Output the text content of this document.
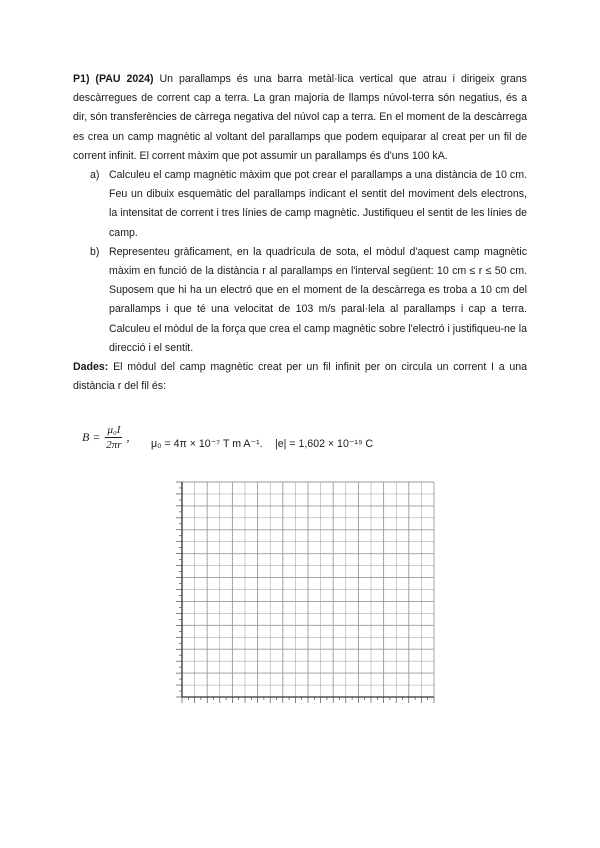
P1) (PAU 2024) Un parallamps és una barra metàl·lica vertical que atrau i dirigeix grans descàrregues de corrent cap a terra. La gran majoria de llamps núvol-terra són negatius, és a dir, són transferències de càrrega negativa del núvol cap a terra. En el moment de la descàrrega es crea un camp magnètic al voltant del parallamps que podem equiparar al creat per un fil de corrent infinit. El corrent màxim que pot assumir un parallamps és d'uns 100 kA.

a) Calculeu el camp magnètic màxim que pot crear el parallamps a una distància de 10 cm. Feu un dibuix esquemàtic del parallamps indicant el sentit del moviment dels electrons, la intensitat de corrent i tres línies de camp magnètic. Justifiqueu el sentit de les línies de camp.
b) Representeu gràficament, en la quadrícula de sota, el mòdul d'aquest camp magnètic màxim en funció de la distància r al parallamps en l'interval següent: 10 cm ≤ r ≤ 50 cm. Suposem que hi ha un electró que en el moment de la descàrrega es troba a 10 cm del parallamps i que té una velocitat de 103 m/s paral·lela al parallamps i cap a terra. Calculeu el mòdul de la força que crea el camp magnètic sobre l'electró i justifiqueu-ne la direcció i el sentit.

Dades: El mòdul del camp magnètic creat per un fil infinit per on circula un corrent I a una distància r del fil és:

$B = \frac{\text{μ₀I}}{2\pi r}$ , μ₀ = 4π × 10⁻⁷ T m A⁻¹. |e| = 1,602 × 10⁻¹⁹ C
